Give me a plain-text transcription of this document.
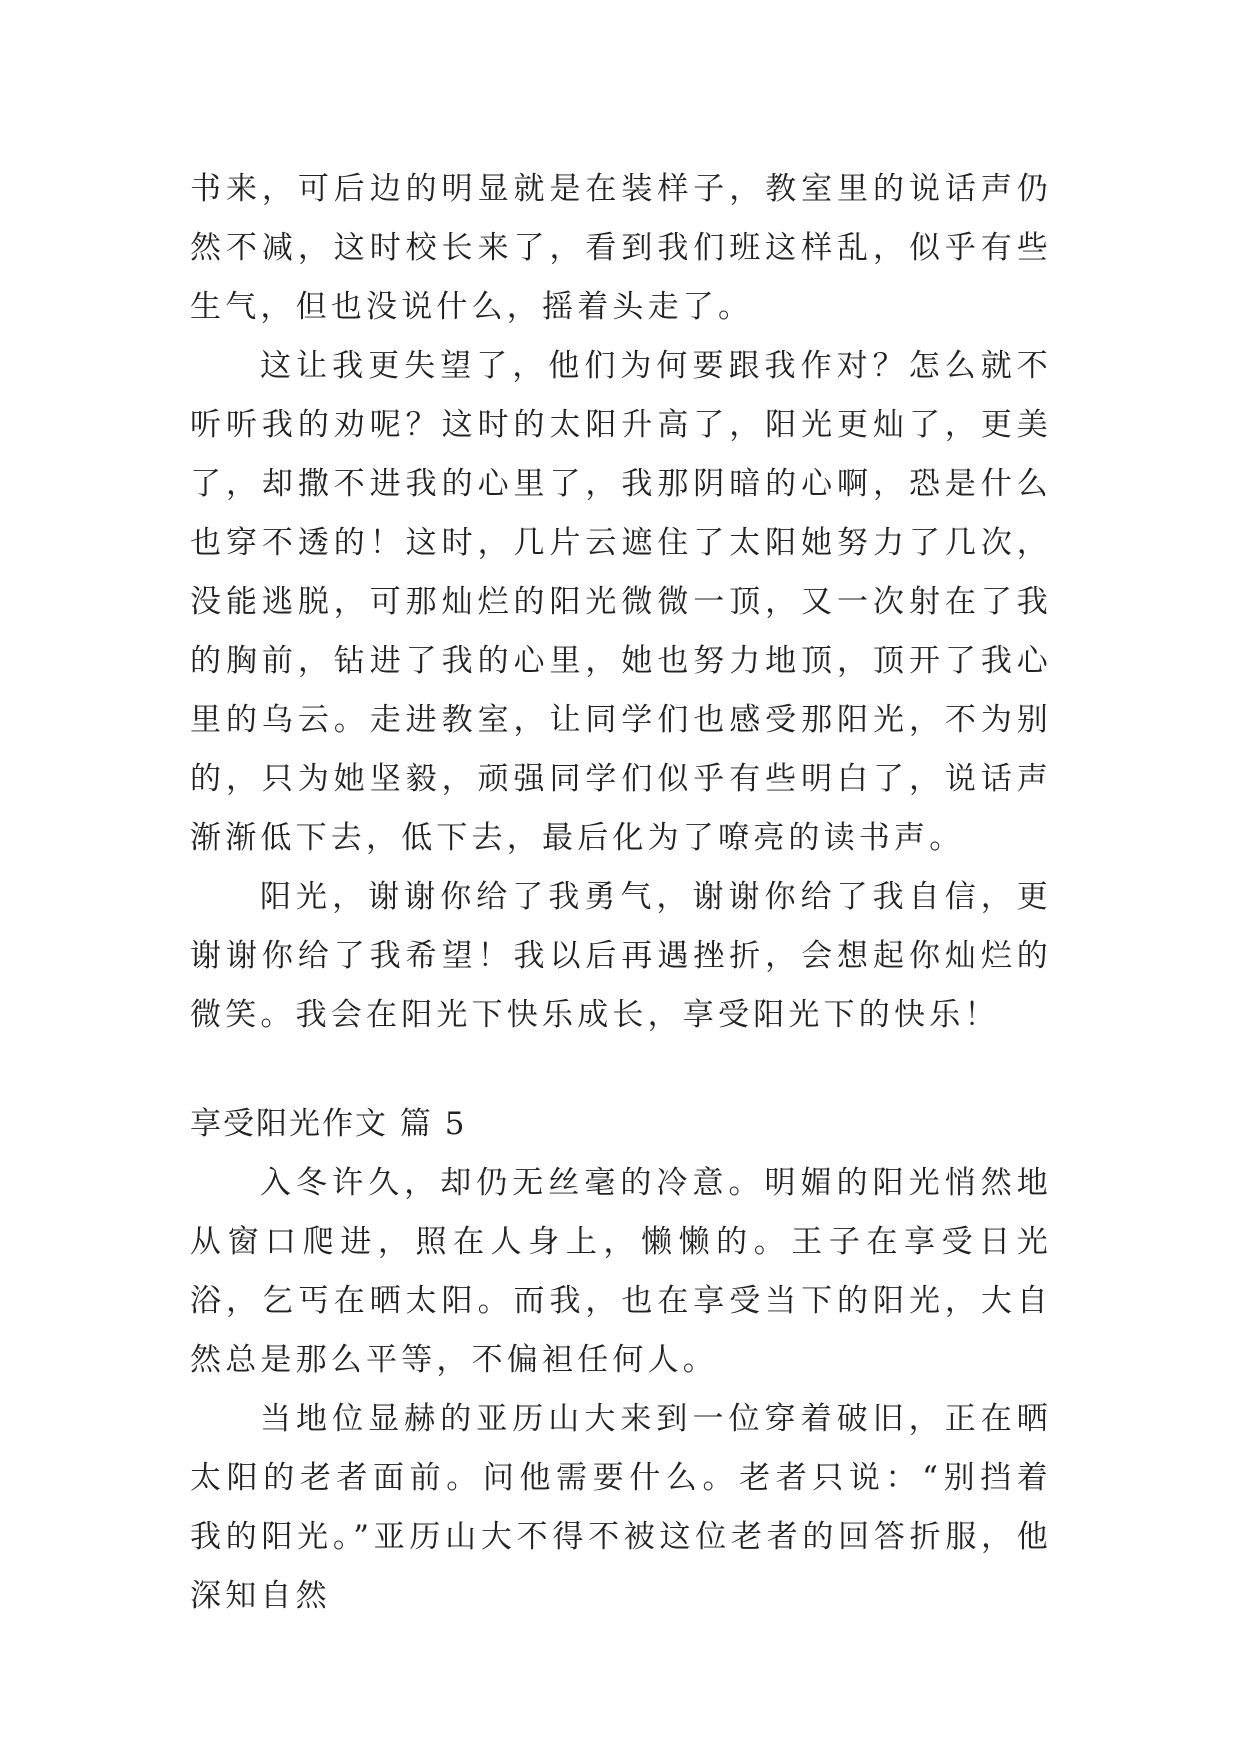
书来，可后边的明显就是在装样子，教室里的说话声仍然不减，这时校长来了，看到我们班这样乱，似乎有些生气，但也没说什么，摇着头走了。

这让我更失望了，他们为何要跟我作对？怎么就不听听我的劝呢？这时的太阳升高了，阳光更灿了，更美了，却撒不进我的心里了，我那阴暗的心啊，恐是什么也穿不透的！这时，几片云遮住了太阳她努力了几次，没能逃脱，可那灿烂的阳光微微一顶，又一次射在了我的胸前，钻进了我的心里，她也努力地顶，顶开了我心里的乌云。走进教室，让同学们也感受那阳光，不为别的，只为她坚毅，顽强同学们似乎有些明白了，说话声渐渐低下去，低下去，最后化为了嘹亮的读书声。

阳光，谢谢你给了我勇气，谢谢你给了我自信，更谢谢你给了我希望！我以后再遇挫折，会想起你灿烂的微笑。我会在阳光下快乐成长，享受阳光下的快乐！

享受阳光作文 篇 5

入冬许久，却仍无丝毫的冷意。明媚的阳光悄然地从窗口爬进，照在人身上，懒懒的。王子在享受日光浴，乞丐在晒太阳。而我，也在享受当下的阳光，大自然总是那么平等，不偏袒任何人。

当地位显赫的亚历山大来到一位穿着破旧，正在晒太阳的老者面前。问他需要什么。老者只说：“别挡着我的阳光。”亚历山大不得不被这位老者的回答折服，他深知自然
